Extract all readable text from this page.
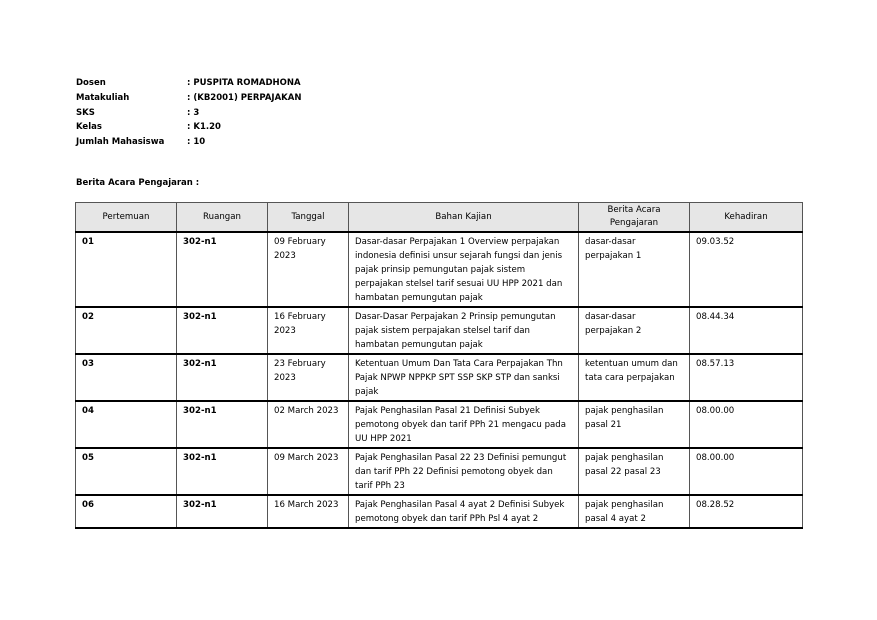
Dosen	: PUSPITA ROMADHONA
Matakuliah	: (KB2001) PERPAJAKAN
SKS	: 3
Kelas	: K1.20
Jumlah Mahasiswa	: 10
Berita Acara Pengajaran :
Pertemuan	Ruangan	Tanggal	Bahan Kajian	Berita Acara Pengajaran	Kehadiran
01	302-n1	09 February 2023	Dasar-dasar Perpajakan 1 Overview perpajakan indonesia definisi unsur sejarah fungsi dan jenis pajak prinsip pemungutan pajak sistem perpajakan stelsel tarif sesuai UU HPP 2021 dan hambatan pemungutan pajak	dasar-dasar perpajakan 1	09.03.52
02	302-n1	16 February 2023	Dasar-Dasar Perpajakan 2 Prinsip pemungutan pajak sistem perpajakan stelsel tarif dan hambatan pemungutan pajak	dasar-dasar perpajakan 2	08.44.34
03	302-n1	23 February 2023	Ketentuan Umum Dan Tata Cara Perpajakan Thn Pajak NPWP NPPKP SPT SSP SKP STP dan sanksi pajak	ketentuan umum dan tata cara perpajakan	08.57.13
04	302-n1	02 March 2023	Pajak Penghasilan Pasal 21 Definisi Subyek pemotong obyek dan tarif PPh 21 mengacu pada UU HPP 2021	pajak penghasilan pasal 21	08.00.00
05	302-n1	09 March 2023	Pajak Penghasilan Pasal 22 23 Definisi pemungut dan tarif PPh 22 Definisi pemotong obyek dan tarif PPh 23	pajak penghasilan pasal 22 pasal 23	08.00.00
06	302-n1	16 March 2023	Pajak Penghasilan Pasal 4 ayat 2 Definisi Subyek pemotong obyek dan tarif PPh Psl 4 ayat 2	pajak penghasilan pasal 4 ayat 2	08.28.52
